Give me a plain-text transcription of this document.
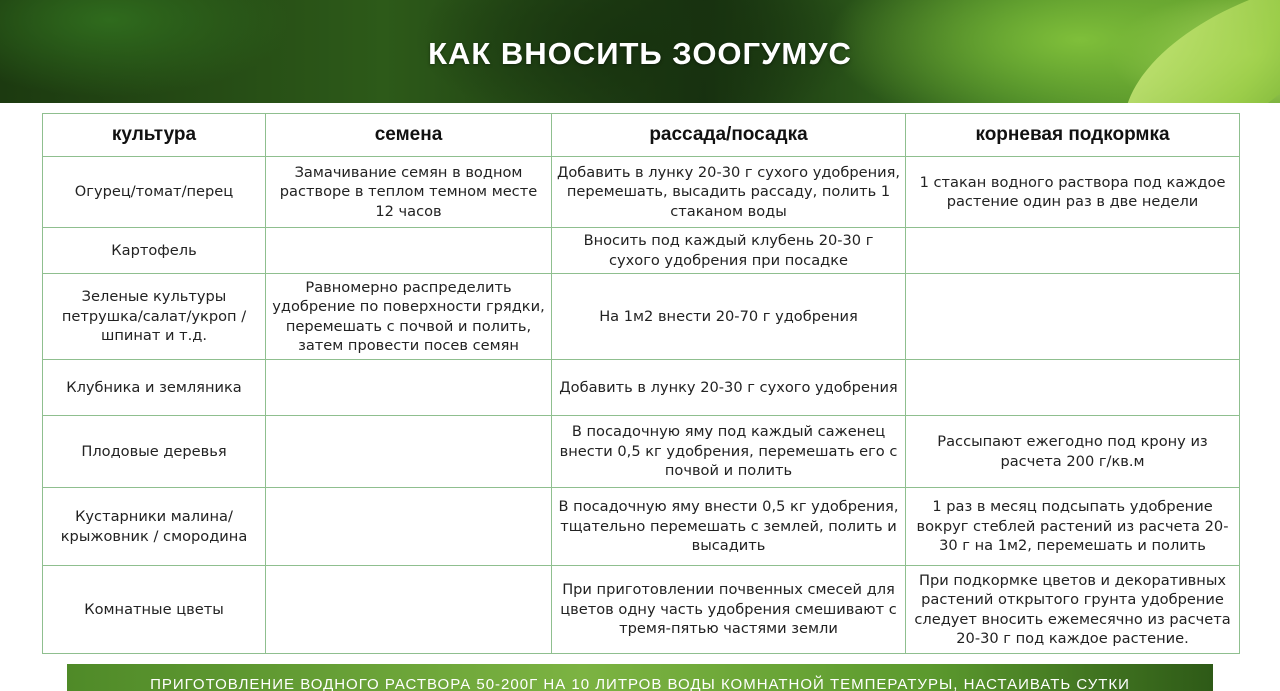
КАК ВНОСИТЬ ЗООГУМУС
культура	семена	рассада/посадка	корневая подкормка
Огурец/томат/перец	Замачивание семян в водном растворе в теплом темном месте 12 часов	Добавить в лунку 20-30 г сухого удобрения, перемешать, высадить рассаду, полить 1 стаканом воды	1 стакан водного раствора под каждое растение один раз в две недели
Картофель		Вносить под каждый клубень 20-30 г сухого удобрения при посадке	
Зеленые культуры петрушка/салат/укроп / шпинат и т.д.	Равномерно распределить удобрение по поверхности грядки, перемешать с почвой и полить, затем провести посев семян	На 1м2 внести 20-70 г удобрения	
Клубника и земляника		Добавить в лунку 20-30 г сухого удобрения	
Плодовые деревья		В посадочную яму под каждый саженец внести 0,5 кг удобрения, перемешать его с почвой и полить	Рассыпают ежегодно под крону из расчета 200 г/кв.м
Кустарники малина/крыжовник / смородина		В посадочную яму внести 0,5 кг удобрения, тщательно перемешать с землей, полить и высадить	1 раз в месяц подсыпать удобрение вокруг стеблей растений из расчета 20-30 г на 1м2, перемешать и полить
Комнатные цветы		При приготовлении почвенных смесей для цветов одну часть удобрения смешивают с тремя-пятью частями земли	При подкормке цветов и декоративных растений открытого грунта удобрение следует вносить ежемесячно из расчета 20-30 г под каждое растение.
ПРИГОТОВЛЕНИЕ ВОДНОГО РАСТВОРА 50-200Г НА 10 ЛИТРОВ ВОДЫ КОМНАТНОЙ ТЕМПЕРАТУРЫ, НАСТАИВАТЬ СУТКИ
